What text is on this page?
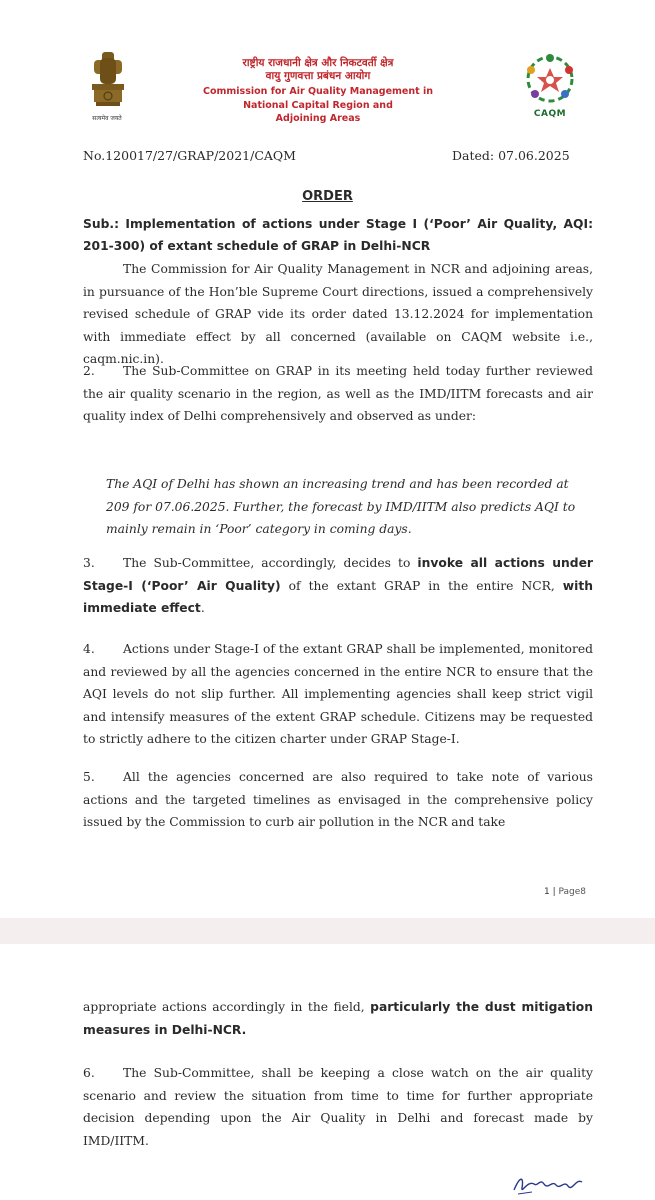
सत्यमेव जयते
राष्ट्रीय राजधानी क्षेत्र और निकटवर्ती क्षेत्र
वायु गुणवत्ता प्रबंधन आयोग
Commission for Air Quality Management in
National Capital Region and
Adjoining Areas	CAQM
No.120017/27/GRAP/2021/CAQM	Dated: 07.06.2025
ORDER
Sub.: Implementation of actions under Stage I (‘Poor’ Air Quality, AQI: 201-300) of extant schedule of GRAP in Delhi-NCR
The Commission for Air Quality Management in NCR and adjoining areas, in pursuance of the Hon’ble Supreme Court directions, issued a comprehensively revised schedule of GRAP vide its order dated 13.12.2024 for implementation with immediate effect by all concerned (available on CAQM website i.e., caqm.nic.in).
2. The Sub-Committee on GRAP in its meeting held today further reviewed the air quality scenario in the region, as well as the IMD/IITM forecasts and air quality index of Delhi comprehensively and observed as under:
The AQI of Delhi has shown an increasing trend and has been recorded at 209 for 07.06.2025. Further, the forecast by IMD/IITM also predicts AQI to mainly remain in ‘Poor’ category in coming days.
3. The Sub-Committee, accordingly, decides to invoke all actions under Stage-I (‘Poor’ Air Quality) of the extant GRAP in the entire NCR, with immediate effect.
4. Actions under Stage-I of the extant GRAP shall be implemented, monitored and reviewed by all the agencies concerned in the entire NCR to ensure that the AQI levels do not slip further. All implementing agencies shall keep strict vigil and intensify measures of the extent GRAP schedule. Citizens may be requested to strictly adhere to the citizen charter under GRAP Stage-I.
5. All the agencies concerned are also required to take note of various actions and the targeted timelines as envisaged in the comprehensive policy issued by the Commission to curb air pollution in the NCR and take
1 | Page8
appropriate actions accordingly in the field, particularly the dust mitigation measures in Delhi-NCR.
6. The Sub-Committee, shall be keeping a close watch on the air quality scenario and review the situation from time to time for further appropriate decision depending upon the Air Quality in Delhi and forecast made by IMD/IITM.
